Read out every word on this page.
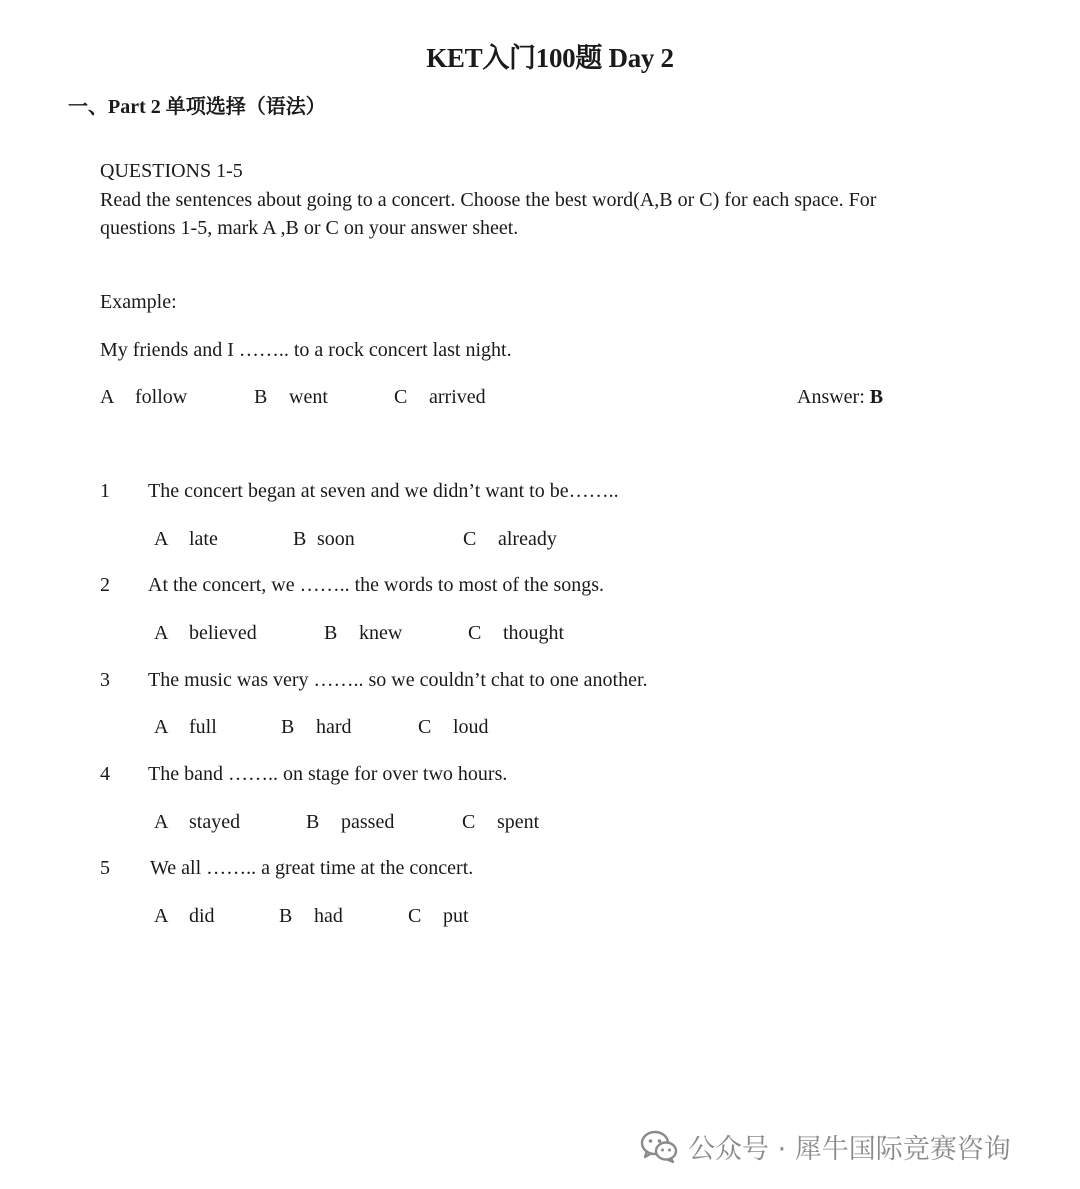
KET入门100题 Day 2
一、Part 2 单项选择（语法）
QUESTIONS 1-5
Read the sentences about going to a concert. Choose the best word(A,B or C) for each space. For questions 1-5, mark A ,B or C on your answer sheet.
Example:
My friends and I …….. to a rock concert last night.
A follow	B went	C arrived	Answer: B
1 The concert began at seven and we didn’t want to be……..
A late	B soon	C already
2 At the concert, we …….. the words to most of the songs.
A believed	B knew	C thought
3 The music was very …….. so we couldn’t chat to one another.
A full	B hard	C loud
4 The band …….. on stage for over two hours.
A stayed	B passed	C spent
5 We all …….. a great time at the concert.
A did	B had	C put
公众号 · 犀牛国际竞赛咨询
